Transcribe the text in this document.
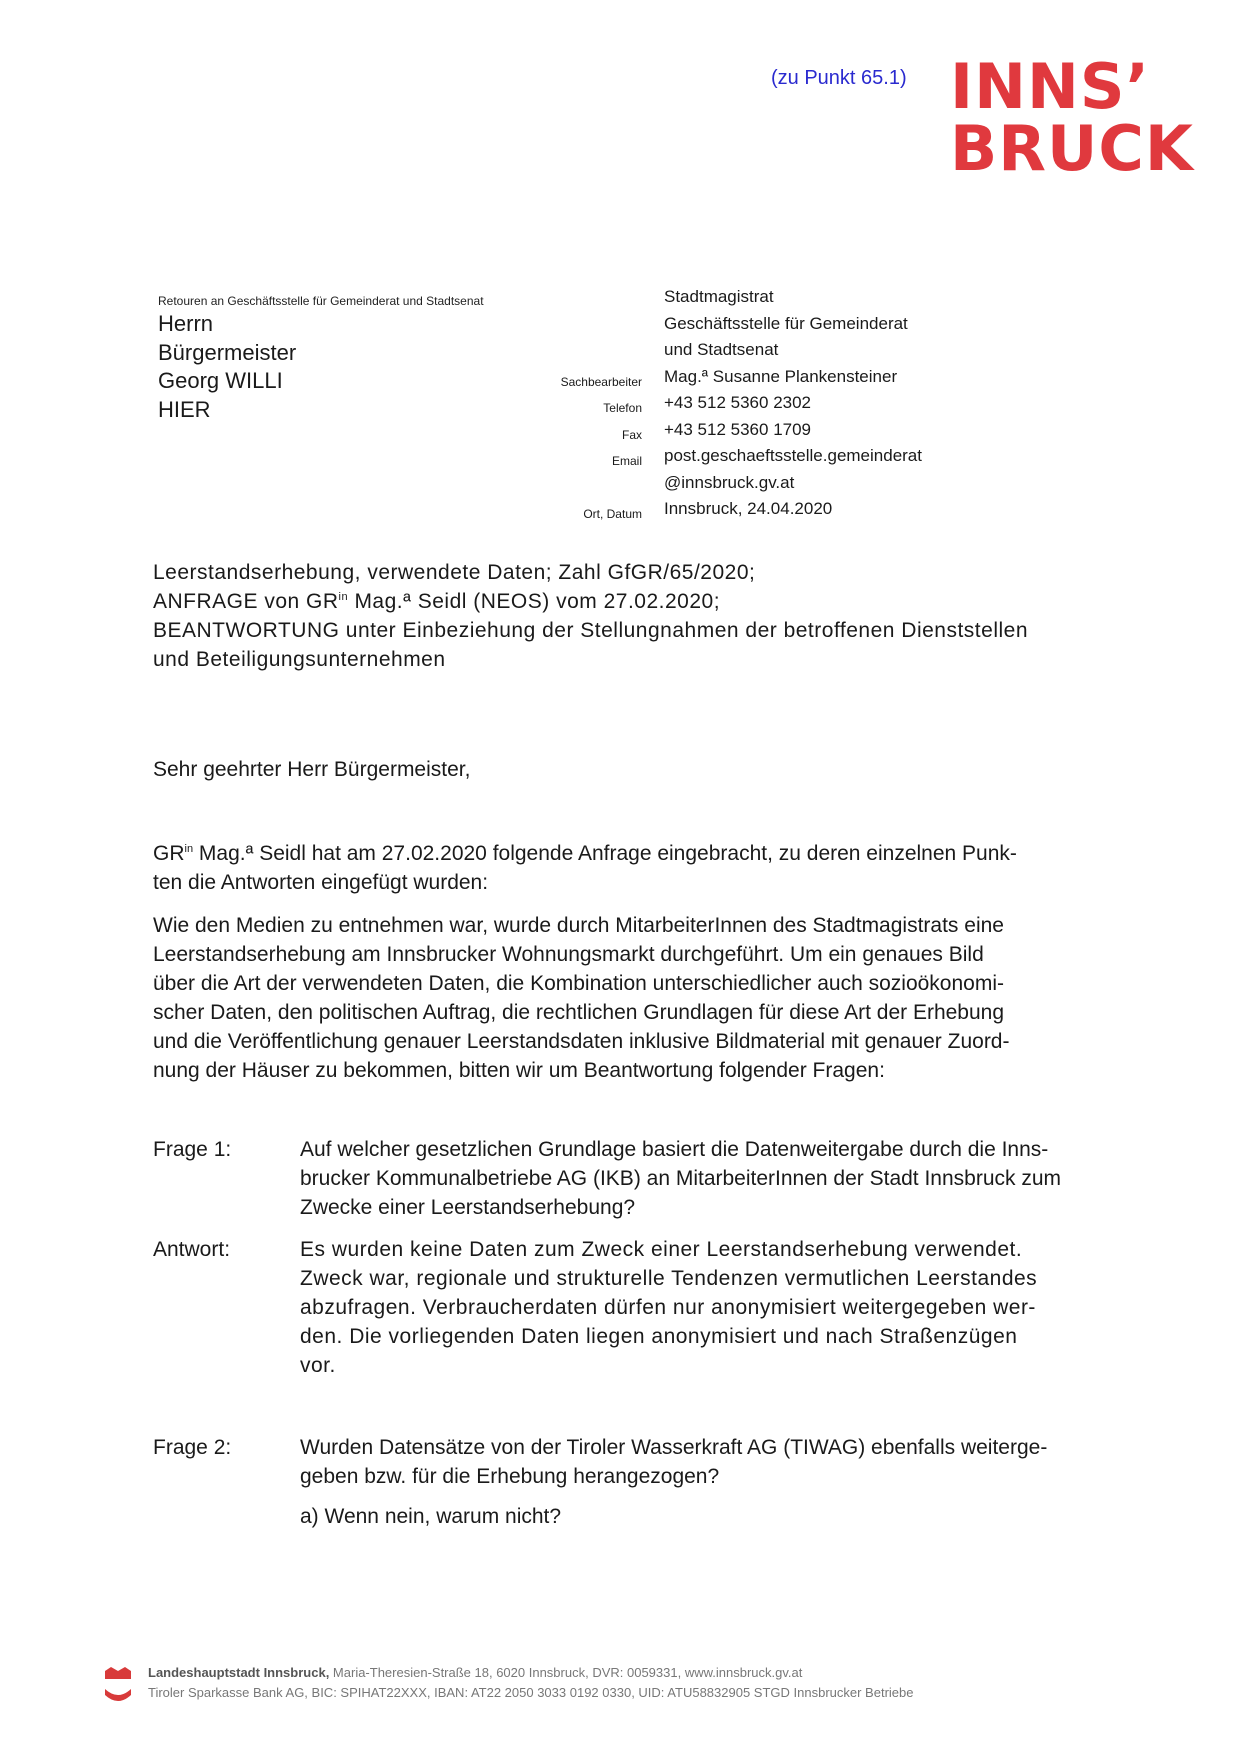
(zu Punkt 65.1) INNS’
BRUCK
Retouren an Geschäftsstelle für Gemeinderat und Stadtsenat
Herrn
Bürgermeister
Georg WILLI
HIER
Stadtmagistrat
Geschäftsstelle für Gemeinderat
und Stadtsenat
Sachbearbeiter	Mag.ª Susanne Plankensteiner
Telefon	+43 512 5360 2302
Fax	+43 512 5360 1709
Email	post.geschaeftsstelle.gemeinderat
@innsbruck.gv.at
Ort, Datum	Innsbruck, 24.04.2020
Leerstandserhebung, verwendete Daten; Zahl GfGR/65/2020;
ANFRAGE von $GR^{in}$ Mag.ª Seidl (NEOS) vom 27.02.2020;
BEANTWORTUNG unter Einbeziehung der Stellungnahmen der betroffenen Dienststellen
und Beteiligungsunternehmen
Sehr geehrter Herr Bürgermeister,
$GR^{in}$ Mag.ª Seidl hat am 27.02.2020 folgende Anfrage eingebracht, zu deren einzelnen Punk-
ten die Antworten eingefügt wurden:
Wie den Medien zu entnehmen war, wurde durch MitarbeiterInnen des Stadtmagistrats eine
Leerstandserhebung am Innsbrucker Wohnungsmarkt durchgeführt. Um ein genaues Bild
über die Art der verwendeten Daten, die Kombination unterschiedlicher auch sozioökonomi-
scher Daten, den politischen Auftrag, die rechtlichen Grundlagen für diese Art der Erhebung
und die Veröffentlichung genauer Leerstandsdaten inklusive Bildmaterial mit genauer Zuord-
nung der Häuser zu bekommen, bitten wir um Beantwortung folgender Fragen:
Frage 1:	Auf welcher gesetzlichen Grundlage basiert die Datenweitergabe durch die Inns-
brucker Kommunalbetriebe AG (IKB) an MitarbeiterInnen der Stadt Innsbruck zum
Zwecke einer Leerstandserhebung?
Antwort:	Es wurden keine Daten zum Zweck einer Leerstandserhebung verwendet.
Zweck war, regionale und strukturelle Tendenzen vermutlichen Leerstandes
abzufragen. Verbraucherdaten dürfen nur anonymisiert weitergegeben wer-
den. Die vorliegenden Daten liegen anonymisiert und nach Straßenzügen
vor.
Frage 2:	Wurden Datensätze von der Tiroler Wasserkraft AG (TIWAG) ebenfalls weiterge-
geben bzw. für die Erhebung herangezogen?
a) Wenn nein, warum nicht?
Landeshauptstadt Innsbruck, Maria-Theresien-Straße 18, 6020 Innsbruck, DVR: 0059331, www.innsbruck.gv.at
Tiroler Sparkasse Bank AG, BIC: SPIHAT22XXX, IBAN: AT22 2050 3033 0192 0330, UID: ATU58832905 STGD Innsbrucker Betriebe
